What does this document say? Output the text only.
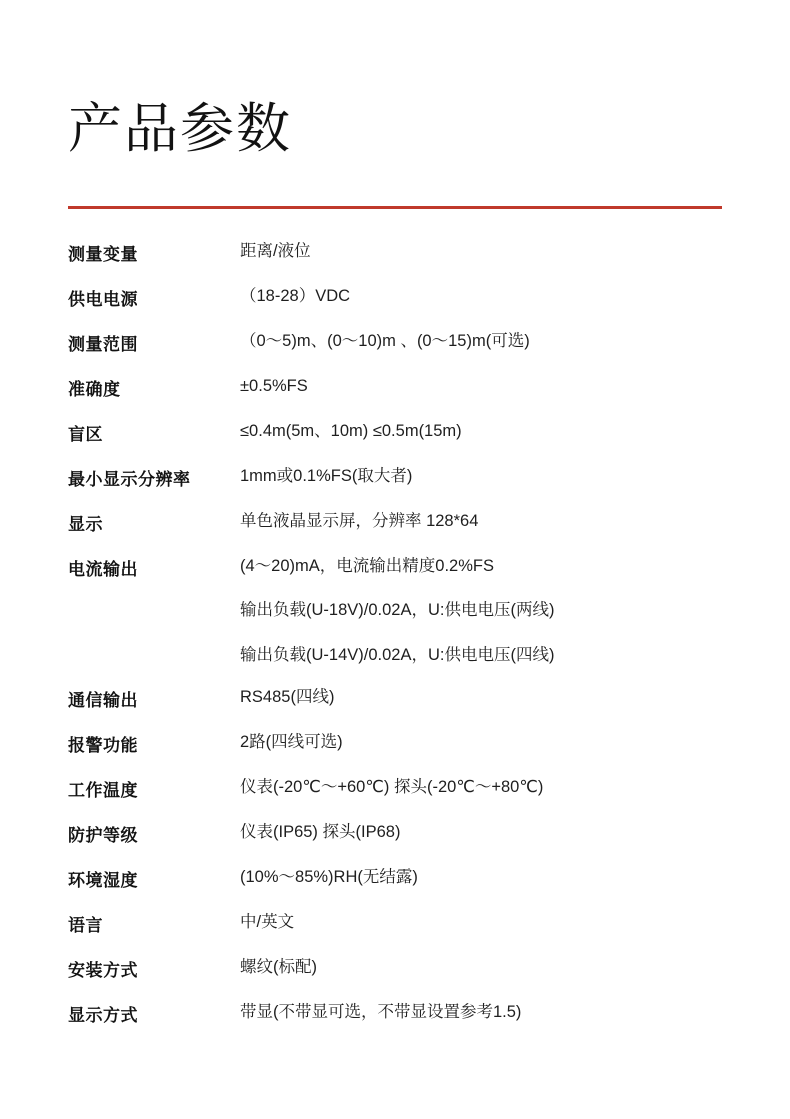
产品参数
测量变量	距离/液位

供电电源	（18-28）VDC

测量范围	（0～5)m、(0～10)m 、(0～15)m(可选)

准确度	±0.5%FS

盲区	≤0.4m(5m、10m) ≤0.5m(15m)

最小显示分辨率	1mm或0.1%FS(取大者)

显示	单色液晶显示屏，分辨率 128*64

电流输出	(4～20)mA，电流输出精度0.2%FS
输出负载(U-18V)/0.02A，U:供电电压(两线)
输出负载(U-14V)/0.02A，U:供电电压(四线)

通信输出	RS485(四线)

报警功能	2路(四线可选)

工作温度	仪表(-20℃～+60℃) 探头(-20℃～+80℃)

防护等级	仪表(IP65) 探头(IP68)

环境湿度	(10%～85%)RH(无结露)

语言	中/英文

安装方式	螺纹(标配)

显示方式	带显(不带显可选，不带显设置参考1.5)
